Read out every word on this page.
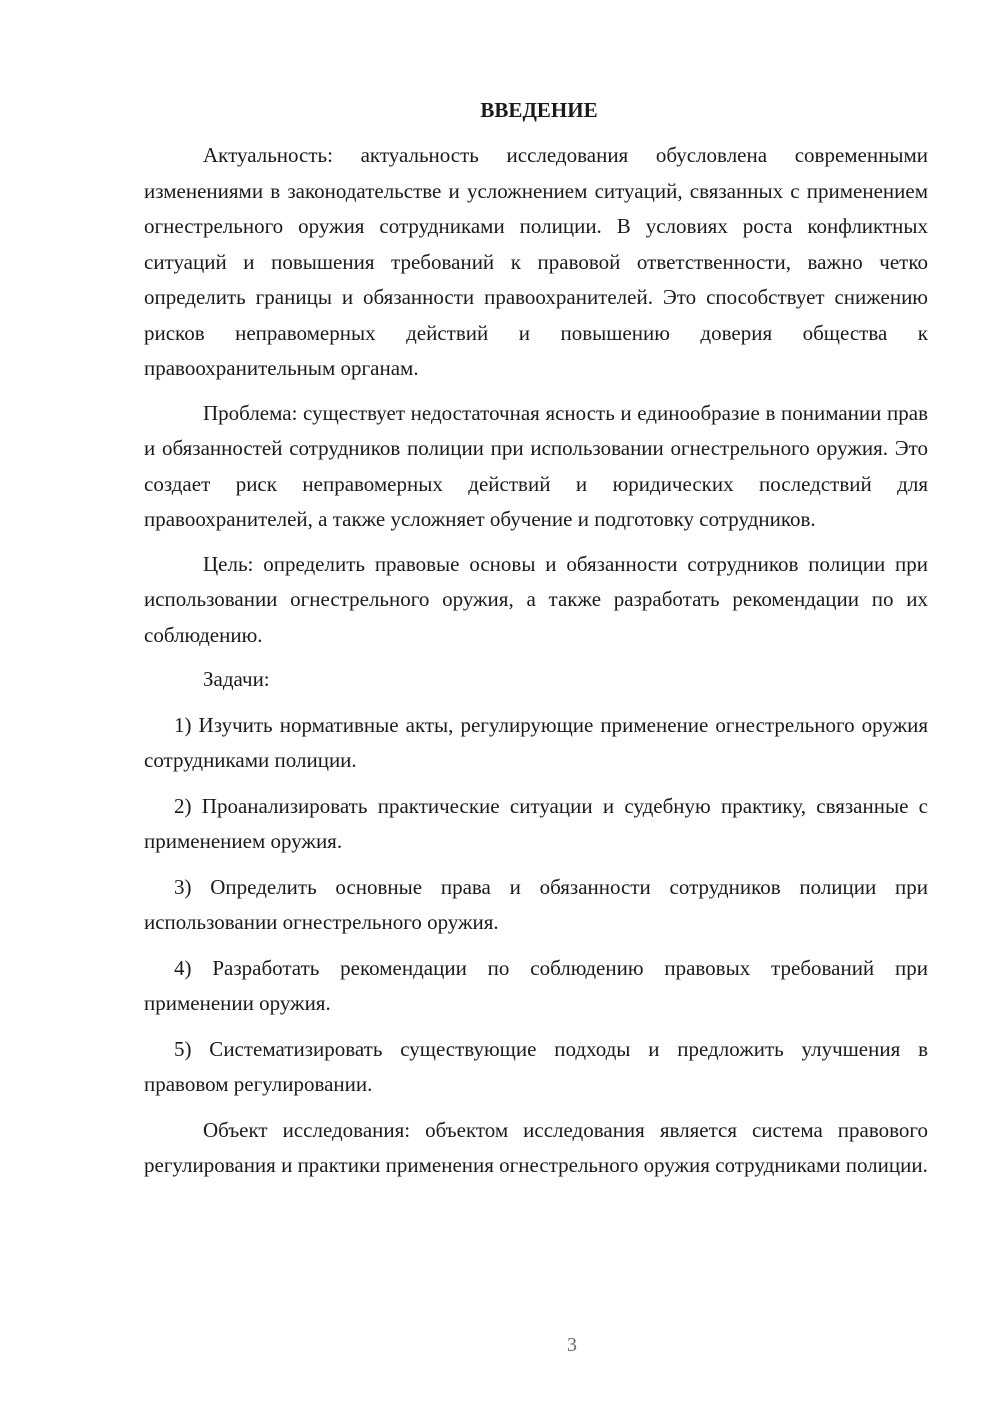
ВВЕДЕНИЕ

Актуальность: актуальность исследования обусловлена современными изменениями в законодательстве и усложнением ситуаций, связанных с применением огнестрельного оружия сотрудниками полиции. В условиях роста конфликтных ситуаций и повышения требований к правовой ответственности, важно четко определить границы и обязанности правоохранителей. Это способствует снижению рисков неправомерных действий и повышению доверия общества к правоохранительным органам.

Проблема: существует недостаточная ясность и единообразие в понимании прав и обязанностей сотрудников полиции при использовании огнестрельного оружия. Это создает риск неправомерных действий и юридических последствий для правоохранителей, а также усложняет обучение и подготовку сотрудников.

Цель: определить правовые основы и обязанности сотрудников полиции при использовании огнестрельного оружия, а также разработать рекомендации по их соблюдению.

Задачи:

1) Изучить нормативные акты, регулирующие применение огнестрельного оружия сотрудниками полиции.

2) Проанализировать практические ситуации и судебную практику, связанные с применением оружия.

3) Определить основные права и обязанности сотрудников полиции при использовании огнестрельного оружия.

4) Разработать рекомендации по соблюдению правовых требований при применении оружия.

5) Систематизировать существующие подходы и предложить улучшения в правовом регулировании.

Объект исследования: объектом исследования является система правового регулирования и практики применения огнестрельного оружия сотрудниками полиции.

3
